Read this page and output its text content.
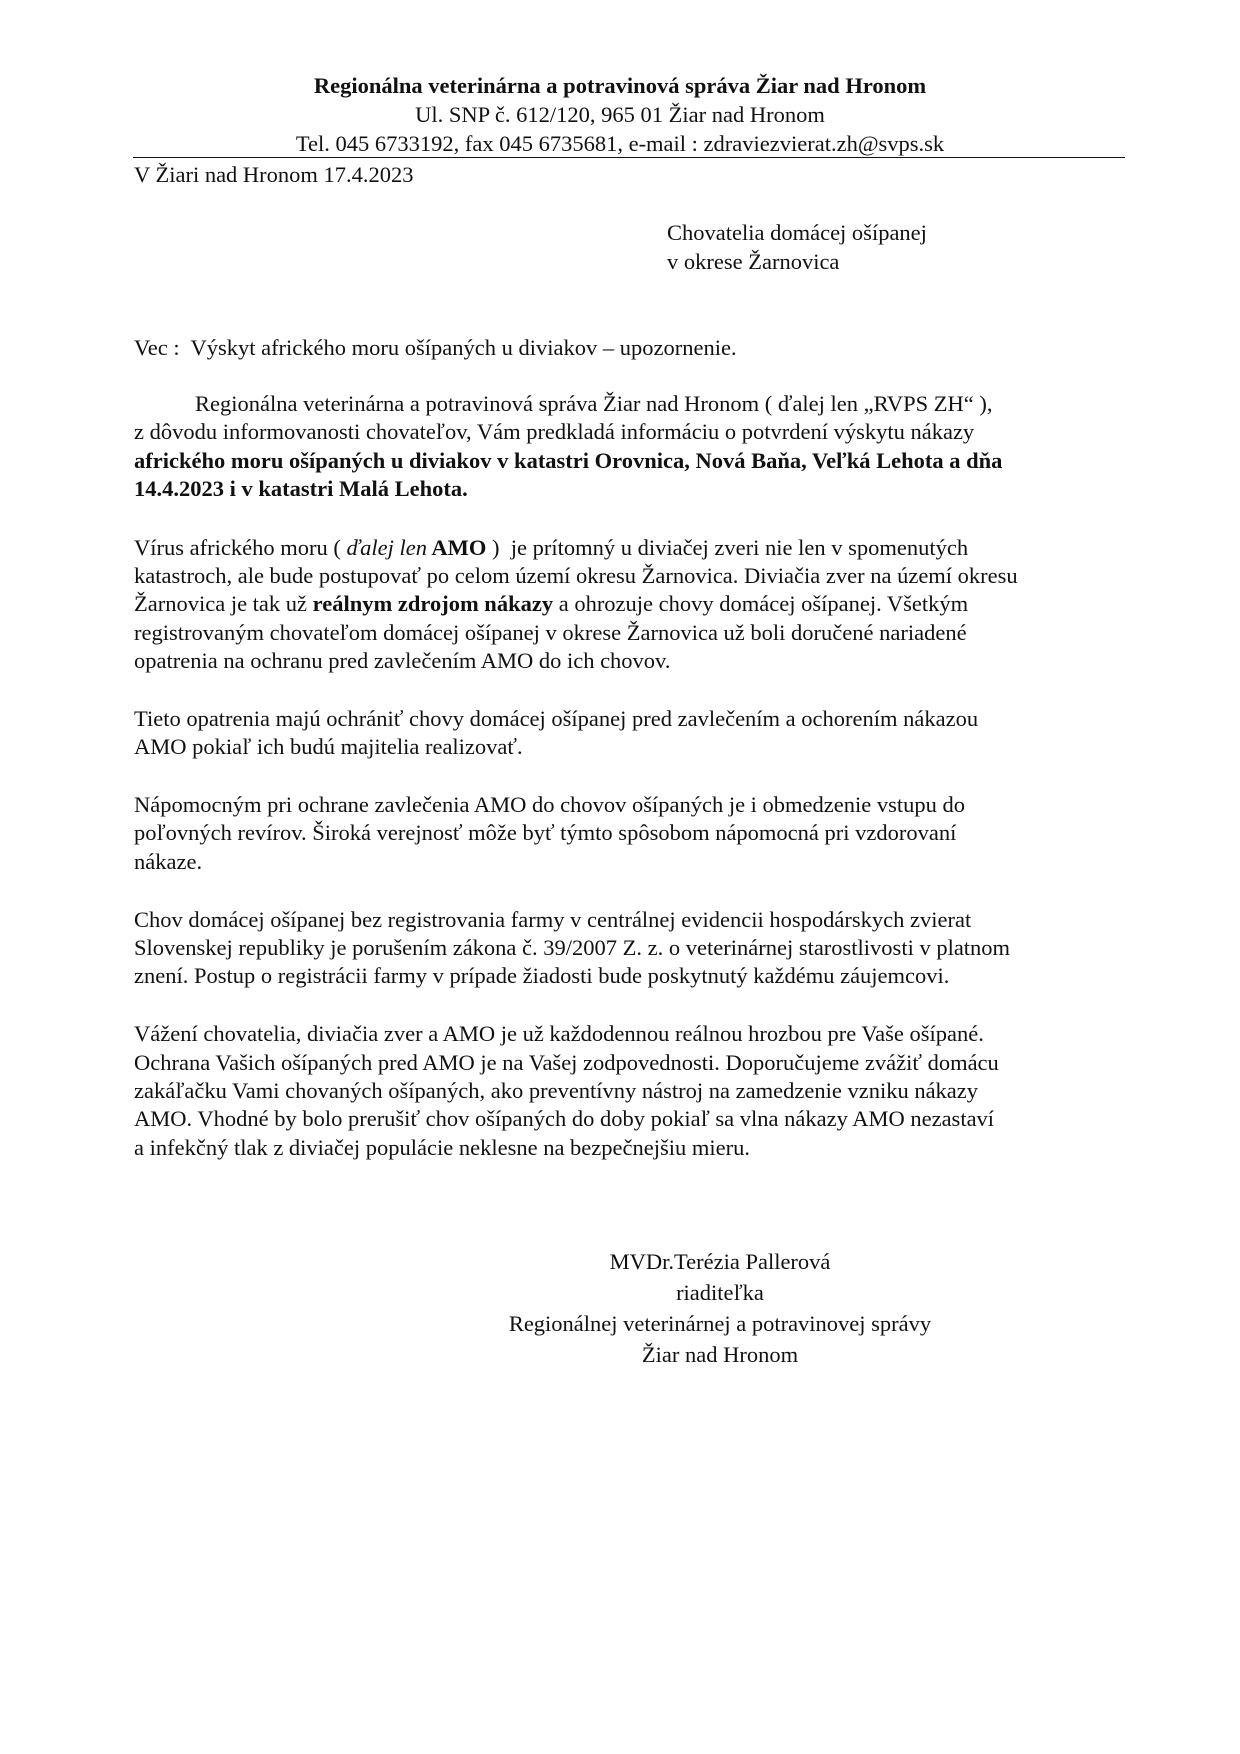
Regionálna veterinárna a potravinová správa Žiar nad Hronom
Ul. SNP č. 612/120, 965 01 Žiar nad Hronom
Tel. 045 6733192, fax 045 6735681, e-mail : zdraviezvierat.zh@svps.sk
V Žiari nad Hronom 17.4.2023
Chovatelia domácej ošípanej
v okrese Žarnovica
Vec :  Výskyt afrického moru ošípaných u diviakov – upozornenie.
Regionálna veterinárna a potravinová správa Žiar nad Hronom ( ďalej len „RVPS ZH“ ),
z dôvodu informovanosti chovateľov, Vám predkladá informáciu o potvrdení výskytu nákazy
afrického moru ošípaných u diviakov v katastri Orovnica, Nová Baňa, Veľká Lehota a dňa
14.4.2023 i v katastri Malá Lehota.
Vírus afrického moru ( ďalej len AMO )  je prítomný u diviačej zveri nie len v spomenutých
katastroch, ale bude postupovať po celom území okresu Žarnovica. Diviačia zver na území okresu
Žarnovica je tak už reálnym zdrojom nákazy a ohrozuje chovy domácej ošípanej. Všetkým
registrovaným chovateľom domácej ošípanej v okrese Žarnovica už boli doručené nariadené
opatrenia na ochranu pred zavlečením AMO do ich chovov.
Tieto opatrenia majú ochrániť chovy domácej ošípanej pred zavlečením a ochorením nákazou
AMO pokiaľ ich budú majitelia realizovať.
Nápomocným pri ochrane zavlečenia AMO do chovov ošípaných je i obmedzenie vstupu do
poľovných revírov. Široká verejnosť môže byť týmto spôsobom nápomocná pri vzdorovaní
nákaze.
Chov domácej ošípanej bez registrovania farmy v centrálnej evidencii hospodárskych zvierat
Slovenskej republiky je porušením zákona č. 39/2007 Z. z. o veterinárnej starostlivosti v platnom
znení. Postup o registrácii farmy v prípade žiadosti bude poskytnutý každému záujemcovi.
Vážení chovatelia, diviačia zver a AMO je už každodennou reálnou hrozbou pre Vaše ošípané.
Ochrana Vašich ošípaných pred AMO je na Vašej zodpovednosti. Doporučujeme zvážiť domácu
zakáľačku Vami chovaných ošípaných, ako preventívny nástroj na zamedzenie vzniku nákazy
AMO. Vhodné by bolo prerušiť chov ošípaných do doby pokiaľ sa vlna nákazy AMO nezastaví
a infekčný tlak z diviačej populácie neklesne na bezpečnejšiu mieru.
MVDr.Terézia Pallerová
riaditeľka
Regionálnej veterinárnej a potravinovej správy
Žiar nad Hronom
